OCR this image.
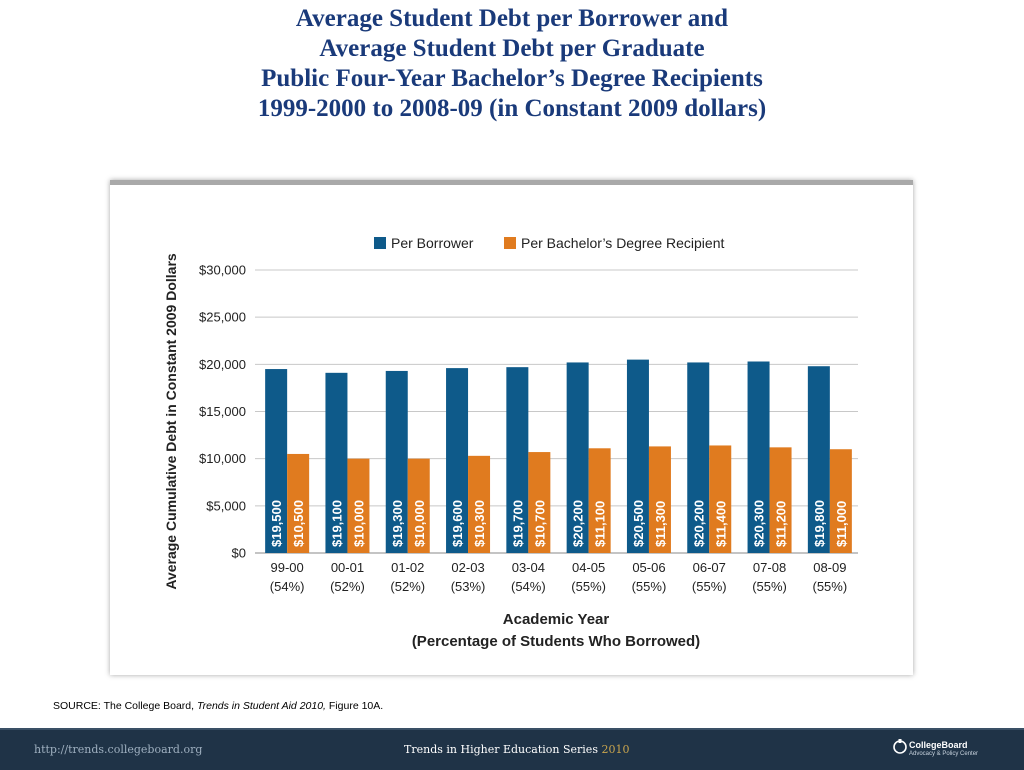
Average Student Debt per Borrower and
Average Student Debt per Graduate
Public Four-Year Bachelor’s Degree Recipients
1999-2000 to 2008-09 (in Constant 2009 dollars)
$0
$5,000
$10,000
$15,000
$20,000
$25,000
$30,000
Average Cumulative Debt in Constant 2009 Dollars
Per Borrower	Per Bachelor’s Degree Recipient
$19,500 $10,500
99-00
(54%)
$19,100 $10,000
00-01
(52%)
$19,300 $10,000
01-02
(52%)
$19,600 $10,300
02-03
(53%)
$19,700 $10,700
03-04
(54%)
$20,200 $11,100
04-05
(55%)
$20,500 $11,300
05-06
(55%)
$20,200 $11,400
06-07
(55%)
$20,300 $11,200
07-08
(55%)
$19,800 $11,000
08-09
(55%)
Academic Year
(Percentage of Students Who Borrowed)
SOURCE: The College Board, Trends in Student Aid 2010, Figure 10A.
http://trends.collegeboard.org	Trends in Higher Education Series 2010	CollegeBoard
Advocacy & Policy Center
